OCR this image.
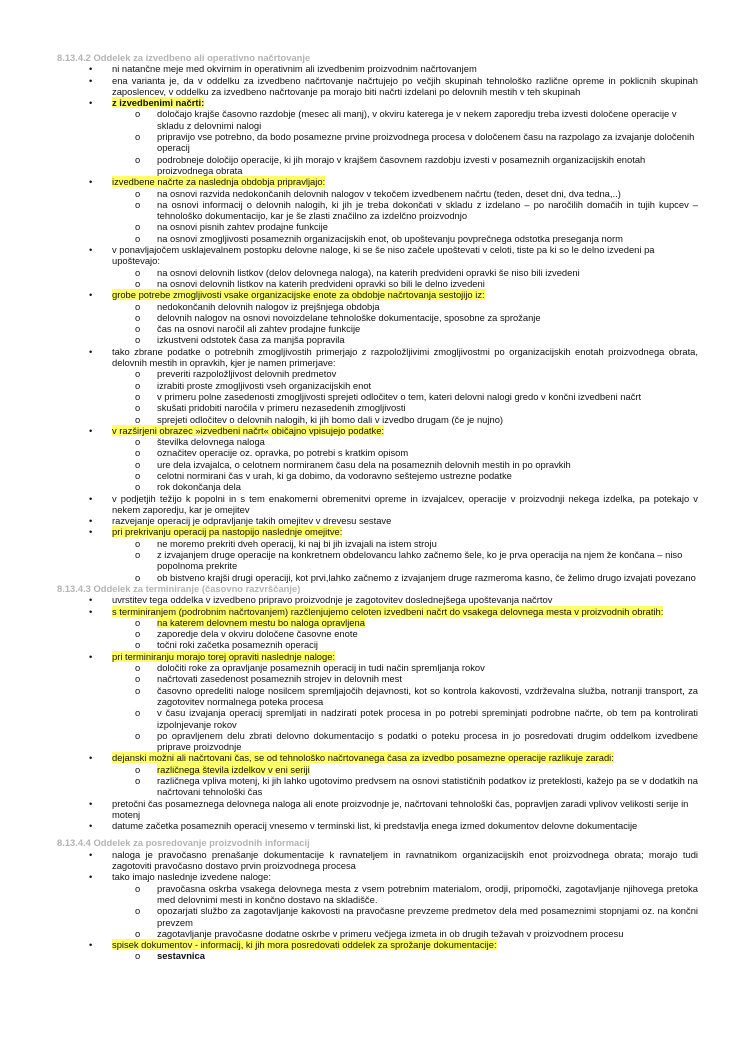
8.13.4.2 Oddelek za izvedbeno ali operativno načrtovanje

• ni natančne meje med okvirnim in operativnim ali izvedbenim proizvodnim načrtovanjem

• ena varianta je, da v oddelku za izvedbeno načrtovanje načrtujejo po večjih skupinah tehnološko različne opreme in poklicnih skupinah zaposlencev, v oddelku za izvedbeno načrtovanje pa morajo biti načrti izdelani po delovnih mestih v teh skupinah

• z izvedbenimi načrti:

o določajo krajše časovno razdobje (mesec ali manj), v okviru katerega je v nekem zaporedju treba izvesti določene operacije v skladu z delovnimi nalogi

o pripravijo vse potrebno, da bodo posamezne prvine proizvodnega procesa v določenem času na razpolago za izvajanje določenih operacij

o podrobneje določijo operacije, ki jih morajo v krajšem časovnem razdobju izvesti v posameznih organizacijskih enotah proizvodnega obrata

• izvedbene načrte za naslednja obdobja pripravljajo:

o na osnovi razvida nedokončanih delovnih nalogov v tekočem izvedbenem načrtu (teden, deset dni, dva tedna,..)

o na osnovi informacij o delovnih nalogih, ki jih je treba dokončati v skladu z izdelano – po naročilih domačih in tujih kupcev – tehnološko dokumentacijo, kar je še zlasti značilno za izdelčno proizvodnjo

o na osnovi pisnih zahtev prodajne funkcije

o na osnovi zmogljivosti posameznih organizacijskih enot, ob upoštevanju povprečnega odstotka preseganja norm

• v ponavljajočem usklajevalnem postopku delovne naloge, ki se še niso začele upoštevati v celoti, tiste pa ki so le delno izvedeni pa upoštevajo:

o na osnovi delovnih listkov (delov delovnega naloga), na katerih predvideni opravki še niso bili izvedeni

o na osnovi delovnih listkov na katerih predvideni opravki so bili le delno izvedeni

• grobe potrebe zmogljivosti vsake organizacijske enote za obdobje načrtovanja sestojijo iz:

o nedokončanih delovnih nalogov iz prejšnjega obdobja

o delovnih nalogov na osnovi novoizdelane tehnološke dokumentacije, sposobne za sprožanje

o čas na osnovi naročil ali zahtev prodajne funkcije

o izkustveni odstotek časa za manjša popravila

• tako zbrane podatke o potrebnih zmogljivostih primerjajo z razpoložljivimi zmogljivostmi po organizacijskih enotah proizvodnega obrata, delovnih mestih in opravkih, kjer je namen primerjave:

o preveriti razpoložljivost delovnih predmetov

o izrabiti proste zmogljivosti vseh organizacijskih enot

o v primeru polne zasedenosti zmogljivosti sprejeti odločitev o tem, kateri delovni nalogi gredo v končni izvedbeni načrt

o skušati pridobiti naročila v primeru nezasedenih zmogljivosti

o sprejeti odločitev o delovnih nalogih, ki jih bomo dali v izvedbo drugam (če je nujno)

• v razširjeni obrazec »izvedbeni načrt« običajno vpisujejo podatke:

o številka delovnega naloga

o označitev operacije oz. opravka, po potrebi s kratkim opisom

o ure dela izvajalca, o celotnem normiranem času dela na posameznih delovnih mestih in po opravkih

o celotni normirani čas v urah, ki ga dobimo, da vodoravno seštejemo ustrezne podatke

o rok dokončanja dela

• v podjetjih težijo k popolni in s tem enakomerni obremenitvi opreme in izvajalcev, operacije v proizvodnji nekega izdelka, pa potekajo v nekem zaporedju, kar je omejitev

• razvejanje operacij je odpravljanje takih omejitev v drevesu sestave

• pri prekrivanju operacij pa nastopijo naslednje omejitve:

o ne moremo prekriti dveh operacij, ki naj bi jih izvajali na istem stroju

o z izvajanjem druge operacije na konkretnem obdelovancu lahko začnemo šele, ko je prva operacija na njem že končana – niso popolnoma prekrite

o ob bistveno krajši drugi operaciji, kot prvi,lahko začnemo z izvajanjem druge razmeroma kasno, če želimo drugo izvajati povezano

8.13.4.3 Oddelek za terminiranje (časovno razvrščanje)

• uvrstitev tega oddelka v izvedbeno pripravo proizvodnje je zagotovitev doslednejšega upoštevanja načrtov

• s terminiranjem (podrobnim načrtovanjem) razčlenjujemo celoten izvedbeni načrt do vsakega delovnega mesta v proizvodnih obratih:

o na katerem delovnem mestu bo naloga opravljena

o zaporedje dela v okviru določene časovne enote

o točni roki začetka posameznih operacij

• pri terminiranju morajo torej opraviti naslednje naloge:

o določiti roke za opravljanje posameznih operacij in tudi način spremljanja rokov

o načrtovati zasedenost posameznih strojev in delovnih mest

o časovno opredeliti naloge nosilcem spremljajočih dejavnosti, kot so kontrola kakovosti, vzdrževalna služba, notranji transport, za zagotovitev normalnega poteka procesa

o v času izvajanja operacij spremljati in nadzirati potek procesa in po potrebi spreminjati podrobne načrte, ob tem pa kontrolirati izpolnjevanje rokov

o po opravljenem delu zbrati delovno dokumentacijo s podatki o poteku procesa in jo posredovati drugim oddelkom izvedbene priprave proizvodnje

• dejanski možni ali načrtovani čas, se od tehnološko načrtovanega časa za izvedbo posamezne operacije razlikuje zaradi:

o različnega števila izdelkov v eni seriji

o različnega vpliva motenj, ki jih lahko ugotovimo predvsem na osnovi statističnih podatkov iz preteklosti, kažejo pa se v dodatkih na načrtovani tehnološki čas

• pretočni čas posameznega delovnega naloga ali enote proizvodnje je, načrtovani tehnološki čas, popravljen zaradi vplivov velikosti serije in motenj

• datume začetka posameznih operacij vnesemo v terminski list, ki predstavlja enega izmed dokumentov delovne dokumentacije

8.13.4.4 Oddelek za posredovanje proizvodnih informacij

• naloga je pravočasno prenašanje dokumentacije k ravnateljem in ravnatnikom organizacijskih enot proizvodnega obrata; morajo tudi zagotoviti pravočasno dostavo prvin proizvodnega procesa

• tako imajo naslednje izvedene naloge:

o pravočasna oskrba vsakega delovnega mesta z vsem potrebnim materialom, orodji, pripomočki, zagotavljanje njihovega pretoka med delovnimi mesti in končno dostavo na skladišče.

o opozarjati službo za zagotavljanje kakovosti na pravočasne prevzeme predmetov dela med posameznimi stopnjami oz. na končni prevzem

o zagotavljanje pravočasne dodatne oskrbe v primeru večjega izmeta in ob drugih težavah v proizvodnem procesu

• spisek dokumentov - informacij, ki jih mora posredovati oddelek za sprožanje dokumentacije:

o sestavnica
